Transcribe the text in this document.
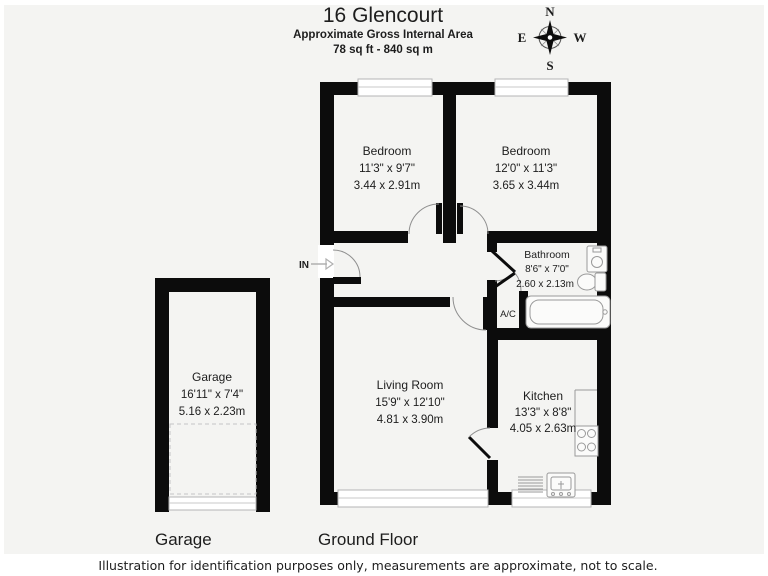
16 Glencourt
Approximate Gross Internal Area
78 sq ft - 840 sq m
N
S
E	W
Bedroom
11'3" x 9'7"
3.44 x 2.91m
Bedroom
12'0" x 11'3"
3.65 x 3.44m
Bathroom
8'6" x 7'0"
2.60 x 2.13m
Living Room
15'9" x 12'10"
4.81 x 3.90m
Kitchen
13'3" x 8'8"
4.05 x 2.63m
Garage
16'11" x 7'4"
5.16 x 2.23m
A/C
IN
Garage	Ground Floor
Illustration for identification purposes only, measurements are approximate, not to scale.
